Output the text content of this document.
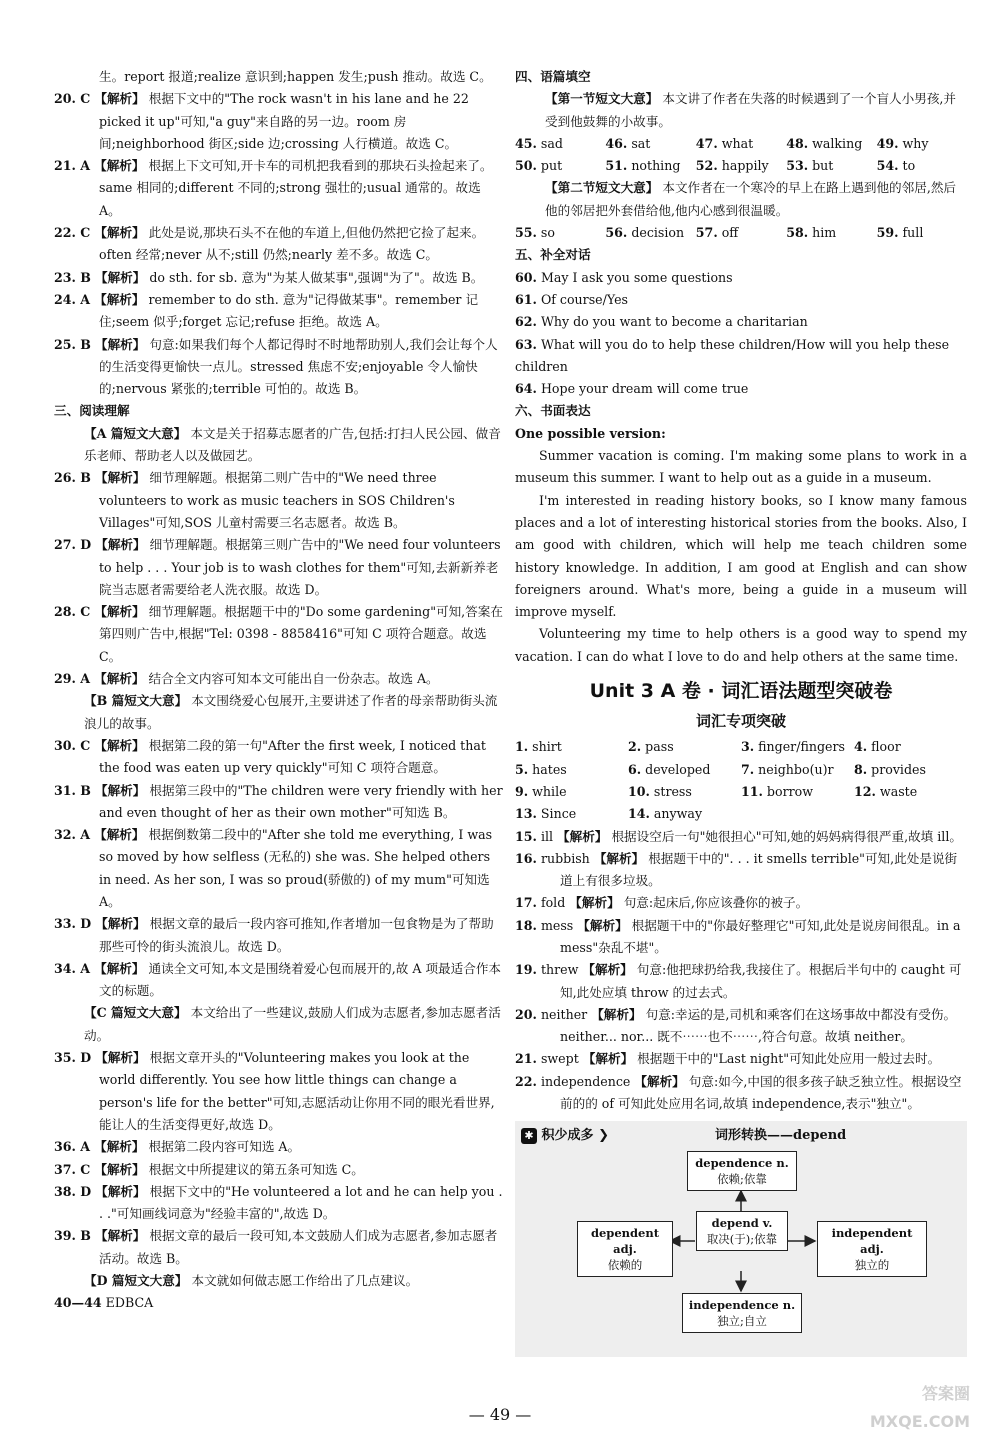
生。report 报道;realize 意识到;happen 发生;push 推动。故选 C。
20. C 【解析】 根据下文中的"The rock wasn't in his lane and he 22 picked it up"可知,"a guy"来自路的另一边。room 房间;neighborhood 街区;side 边;crossing 人行横道。故选 C。
21. A 【解析】 根据上下文可知,开卡车的司机把我看到的那块石头捡起来了。same 相同的;different 不同的;strong 强壮的;usual 通常的。故选 A。
22. C 【解析】 此处是说,那块石头不在他的车道上,但他仍然把它捡了起来。often 经常;never 从不;still 仍然;nearly 差不多。故选 C。
23. B 【解析】 do sth. for sb. 意为"为某人做某事",强调"为了"。故选 B。
24. A 【解析】 remember to do sth. 意为"记得做某事"。remember 记住;seem 似乎;forget 忘记;refuse 拒绝。故选 A。
25. B 【解析】 句意:如果我们每个人都记得时不时地帮助别人,我们会让每个人的生活变得更愉快一点儿。stressed 焦虑不安;enjoyable 令人愉快的;nervous 紧张的;terrible 可怕的。故选 B。
三、阅读理解
【A 篇短文大意】 本文是关于招募志愿者的广告,包括:打扫人民公园、做音乐老师、帮助老人以及做园艺。
26. B 【解析】 细节理解题。根据第二则广告中的"We need three volunteers to work as music teachers in SOS Children's Villages"可知,SOS 儿童村需要三名志愿者。故选 B。
27. D 【解析】 细节理解题。根据第三则广告中的"We need four volunteers to help . . . Your job is to wash clothes for them"可知,去新新养老院当志愿者需要给老人洗衣服。故选 D。
28. C 【解析】 细节理解题。根据题干中的"Do some gardening"可知,答案在第四则广告中,根据"Tel: 0398 - 8858416"可知 C 项符合题意。故选 C。
29. A 【解析】 结合全文内容可知本文可能出自一份杂志。故选 A。
【B 篇短文大意】 本文围绕爱心包展开,主要讲述了作者的母亲帮助街头流浪儿的故事。
30. C 【解析】 根据第二段的第一句"After the first week, I noticed that the food was eaten up very quickly"可知 C 项符合题意。
31. B 【解析】 根据第三段中的"The children were very friendly with her and even thought of her as their own mother"可知选 B。
32. A 【解析】 根据倒数第二段中的"After she told me everything, I was so moved by how selfless (无私的) she was. She helped others in need. As her son, I was so proud(骄傲的) of my mum"可知选 A。
33. D 【解析】 根据文章的最后一段内容可推知,作者增加一包食物是为了帮助那些可怜的街头流浪儿。故选 D。
34. A 【解析】 通读全文可知,本文是围绕着爱心包而展开的,故 A 项最适合作本文的标题。
【C 篇短文大意】 本文给出了一些建议,鼓励人们成为志愿者,参加志愿者活动。
35. D 【解析】 根据文章开头的"Volunteering makes you look at the world differently. You see how little things can change a person's life for the better"可知,志愿活动让你用不同的眼光看世界,能让人的生活变得更好,故选 D。
36. A 【解析】 根据第二段内容可知选 A。
37. C 【解析】 根据文中所提建议的第五条可知选 C。
38. D 【解析】 根据下文中的"He volunteered a lot and he can help you . . ."可知画线词意为"经验丰富的",故选 D。
39. B 【解析】 根据文章的最后一段可知,本文鼓励人们成为志愿者,参加志愿者活动。故选 B。
【D 篇短文大意】 本文就如何做志愿工作给出了几点建议。
40—44 EDBCA
四、语篇填空
【第一节短文大意】 本文讲了作者在失落的时候遇到了一个盲人小男孩,并受到他鼓舞的小故事。
45. sad	46. sat	47. what	48. walking	49. why
50. put	51. nothing	52. happily	53. but	54. to
【第二节短文大意】 本文作者在一个寒冷的早上在路上遇到他的邻居,然后他的邻居把外套借给他,他内心感到很温暖。
55. so	56. decision 57. off	58. him	59. full
五、补全对话
60. May I ask you some questions
61. Of course/Yes
62. Why do you want to become a charitarian
63. What will you do to help these children/How will you help these children
64. Hope your dream will come true
六、书面表达
One possible version:

Summer vacation is coming. I'm making some plans to work in a museum this summer. I want to help out as a guide in a museum.

I'm interested in reading history books, so I know many famous places and a lot of interesting historical stories from the books. Also, I am good with children, which will help me teach children some history knowledge. In addition, I am good at English and can show foreigners around. What's more, being a guide in a museum will improve myself.

Volunteering my time to help others is a good way to spend my vacation. I can do what I love to do and help others at the same time.

Unit 3 A 卷 · 词汇语法题型突破卷
词汇专项突破
1. shirt	2. pass	3. finger/fingers 4. floor
5. hates	6. developed	7. neighbo(u)r	8. provides
9. while	10. stress	11. borrow	12. waste
13. Since	14. anyway
15. ill 【解析】 根据设空后一句"她很担心"可知,她的妈妈病得很严重,故填 ill。
16. rubbish 【解析】 根据题干中的". . . it smells terrible"可知,此处是说街道上有很多垃圾。
17. fold 【解析】 句意:起床后,你应该叠你的被子。
18. mess 【解析】 根据题干中的"你最好整理它"可知,此处是说房间很乱。in a mess"杂乱不堪"。
19. threw 【解析】 句意:他把球扔给我,我接住了。根据后半句中的 caught 可知,此处应填 throw 的过去式。
20. neither 【解析】 句意:幸运的是,司机和乘客们在这场事故中都没有受伤。neither... nor... 既不⋯⋯也不⋯⋯,符合句意。故填 neither。
21. swept 【解析】 根据题干中的"Last night"可知此处应用一般过去时。
22. independence 【解析】 句意:如今,中国的很多孩子缺乏独立性。根据设空前的的 of 可知此处应用名词,故填 independence,表示"独立"。
✱ 积少成多 ❯	词形转换——depend
dependence n.
依赖;依靠
depend v.
取决(于);依靠
dependent adj.
依赖的
independent adj.
独立的
independence n.
独立;自立
— 49 —
答案圈
MXQE.COM
